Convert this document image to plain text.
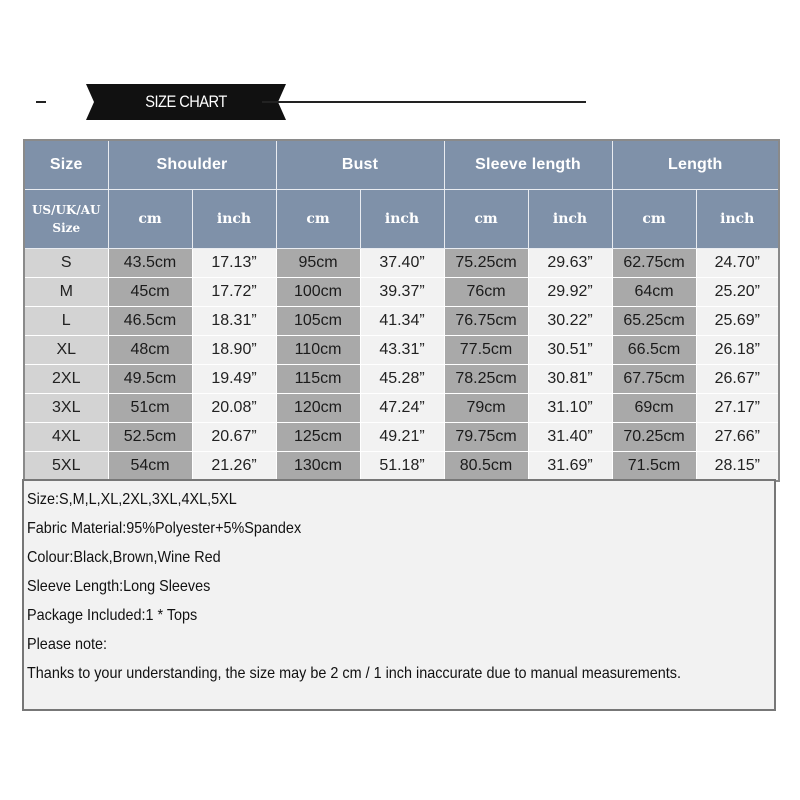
SIZE CHART
Size	Shoulder		Bust		Sleeve length		Length	
US/UK/AU Size	cm	inch	cm	inch	cm	inch	cm	inch
S	43.5cm	17.13”	95cm	37.40”	75.25cm	29.63”	62.75cm	24.70”
M	45cm	17.72”	100cm	39.37”	76cm	29.92”	64cm	25.20”
L	46.5cm	18.31”	105cm	41.34”	76.75cm	30.22”	65.25cm	25.69”
XL	48cm	18.90”	110cm	43.31”	77.5cm	30.51”	66.5cm	26.18”
2XL	49.5cm	19.49”	115cm	45.28”	78.25cm	30.81”	67.75cm	26.67”
3XL	51cm	20.08”	120cm	47.24”	79cm	31.10”	69cm	27.17”
4XL	52.5cm	20.67”	125cm	49.21”	79.75cm	31.40”	70.25cm	27.66”
5XL	54cm	21.26”	130cm	51.18”	80.5cm	31.69”	71.5cm	28.15”
Size:S,M,L,XL,2XL,3XL,4XL,5XL
Fabric Material:95%Polyester+5%Spandex
Colour:Black,Brown,Wine Red
Sleeve Length:Long Sleeves
Package Included:1 * Tops
Please note:
Thanks to your understanding, the size may be 2 cm / 1 inch inaccurate due to manual measurements.
